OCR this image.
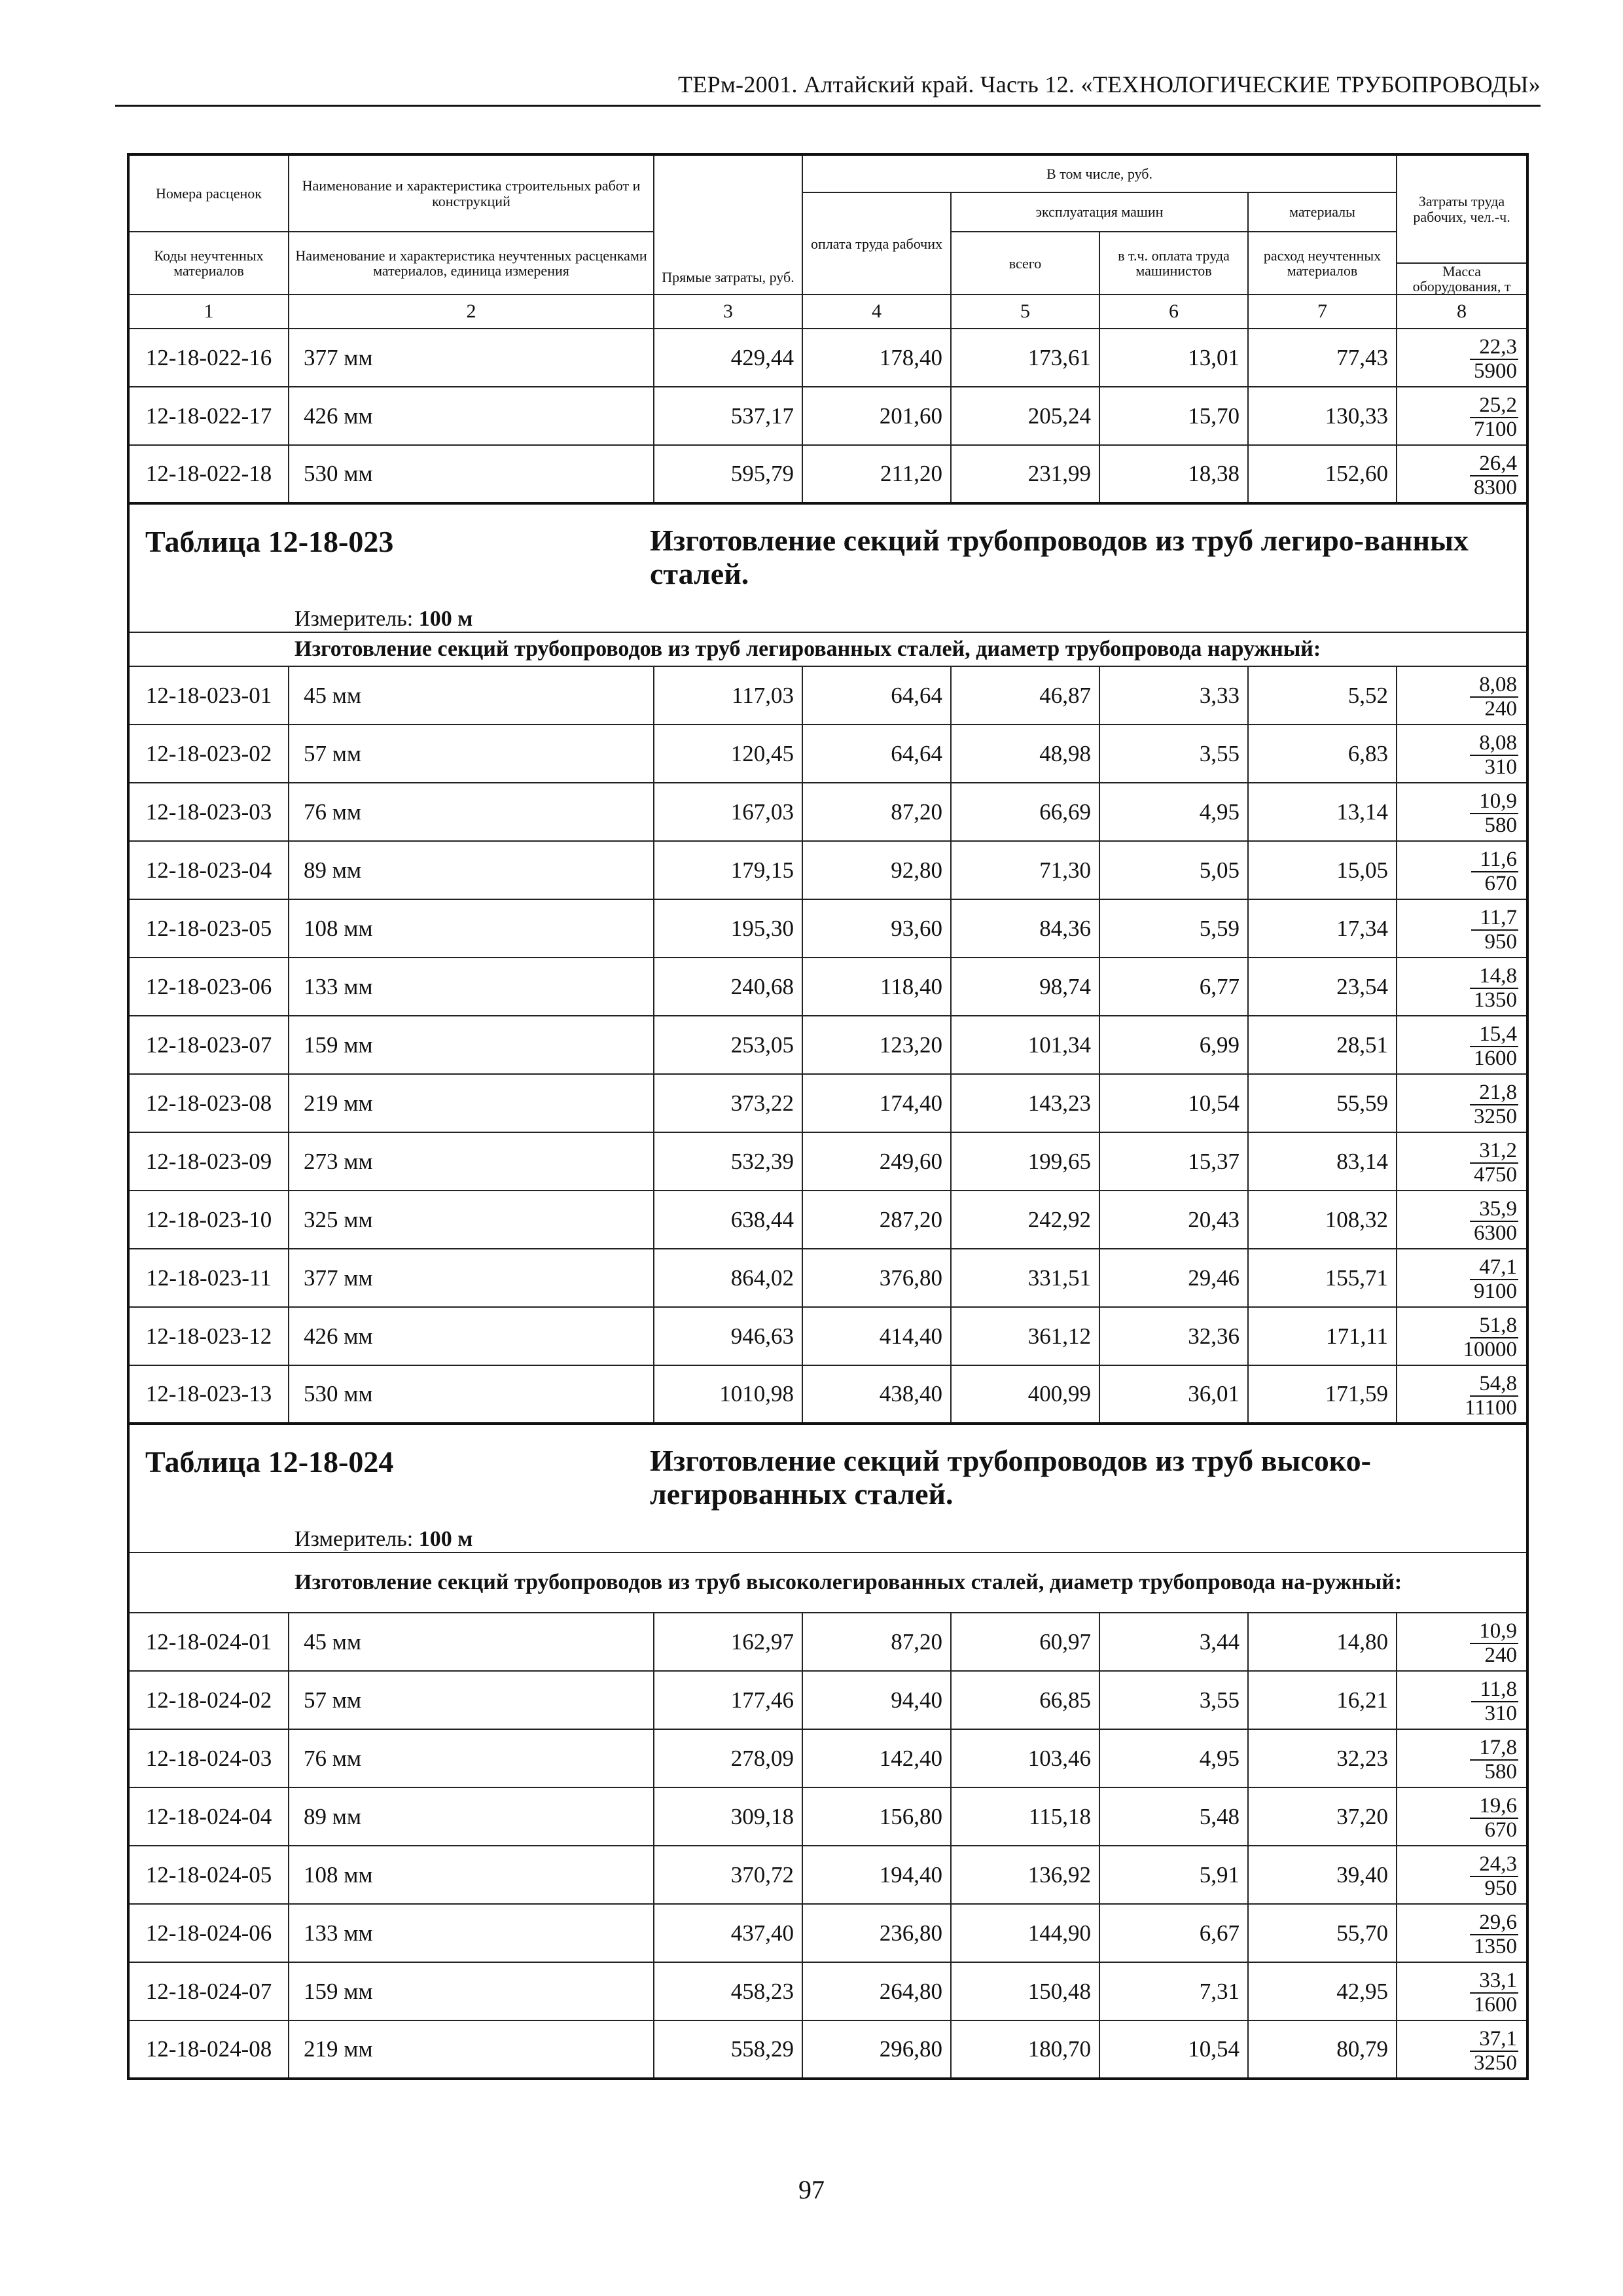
ТЕРм-2001. Алтайский край. Часть 12. «ТЕХНОЛОГИЧЕСКИЕ ТРУБОПРОВОДЫ»
Номера расценок	Наименование и характеристика строительных работ и конструкций	Прямые затраты, руб.	В том числе, руб.				Затраты труда рабочих, чел.-ч.
			оплата труда рабочих	эксплуатация машин		материалы	
Коды неучтенных материалов	Наименование и характеристика неучтенных расценками материалов, единица измерения			всего	в т.ч. оплата труда машинистов	расход неучтенных материалов	
							Масса оборудования, т
1	2	3	4	5	6	7	8
12-18-022-16	377 мм	429,44	178,40	173,61	13,01	77,43	$\frac{22,3}{5900}$

12-18-022-17	426 мм	537,17	201,60	205,24	15,70	130,33	$\frac{25,2}{7100}$

12-18-022-18	530 мм	595,79	211,20	231,99	18,38	152,60	$\frac{26,4}{8300}$

Таблица 12-18-023 Изготовление секций трубопроводов из труб легиро-ванных сталей.							

Измеритель: 100 м							
Изготовление секций трубопроводов из труб легированных сталей, диаметр трубопровода наружный:							
12-18-023-01	45 мм	117,03	64,64	46,87	3,33	5,52	$\frac{8,08}{240}$

12-18-023-02	57 мм	120,45	64,64	48,98	3,55	6,83	$\frac{8,08}{310}$

12-18-023-03	76 мм	167,03	87,20	66,69	4,95	13,14	$\frac{10,9}{580}$

12-18-023-04	89 мм	179,15	92,80	71,30	5,05	15,05	$\frac{11,6}{670}$

12-18-023-05	108 мм	195,30	93,60	84,36	5,59	17,34	$\frac{11,7}{950}$

12-18-023-06	133 мм	240,68	118,40	98,74	6,77	23,54	$\frac{14,8}{1350}$

12-18-023-07	159 мм	253,05	123,20	101,34	6,99	28,51	$\frac{15,4}{1600}$

12-18-023-08	219 мм	373,22	174,40	143,23	10,54	55,59	$\frac{21,8}{3250}$

12-18-023-09	273 мм	532,39	249,60	199,65	15,37	83,14	$\frac{31,2}{4750}$

12-18-023-10	325 мм	638,44	287,20	242,92	20,43	108,32	$\frac{35,9}{6300}$

12-18-023-11	377 мм	864,02	376,80	331,51	29,46	155,71	$\frac{47,1}{9100}$

12-18-023-12	426 мм	946,63	414,40	361,12	32,36	171,11	$\frac{51,8}{10000}$

12-18-023-13	530 мм	1010,98	438,40	400,99	36,01	171,59	$\frac{54,8}{11100}$

Таблица 12-18-024 Изготовление секций трубопроводов из труб высоко-легированных сталей.							

Измеритель: 100 м							
Изготовление секций трубопроводов из труб высоколегированных сталей, диаметр трубопровода на-ружный:							
12-18-024-01	45 мм	162,97	87,20	60,97	3,44	14,80	$\frac{10,9}{240}$

12-18-024-02	57 мм	177,46	94,40	66,85	3,55	16,21	$\frac{11,8}{310}$

12-18-024-03	76 мм	278,09	142,40	103,46	4,95	32,23	$\frac{17,8}{580}$

12-18-024-04	89 мм	309,18	156,80	115,18	5,48	37,20	$\frac{19,6}{670}$

12-18-024-05	108 мм	370,72	194,40	136,92	5,91	39,40	$\frac{24,3}{950}$

12-18-024-06	133 мм	437,40	236,80	144,90	6,67	55,70	$\frac{29,6}{1350}$

12-18-024-07	159 мм	458,23	264,80	150,48	7,31	42,95	$\frac{33,1}{1600}$

12-18-024-08	219 мм	558,29	296,80	180,70	10,54	80,79	$\frac{37,1}{3250}$
97
